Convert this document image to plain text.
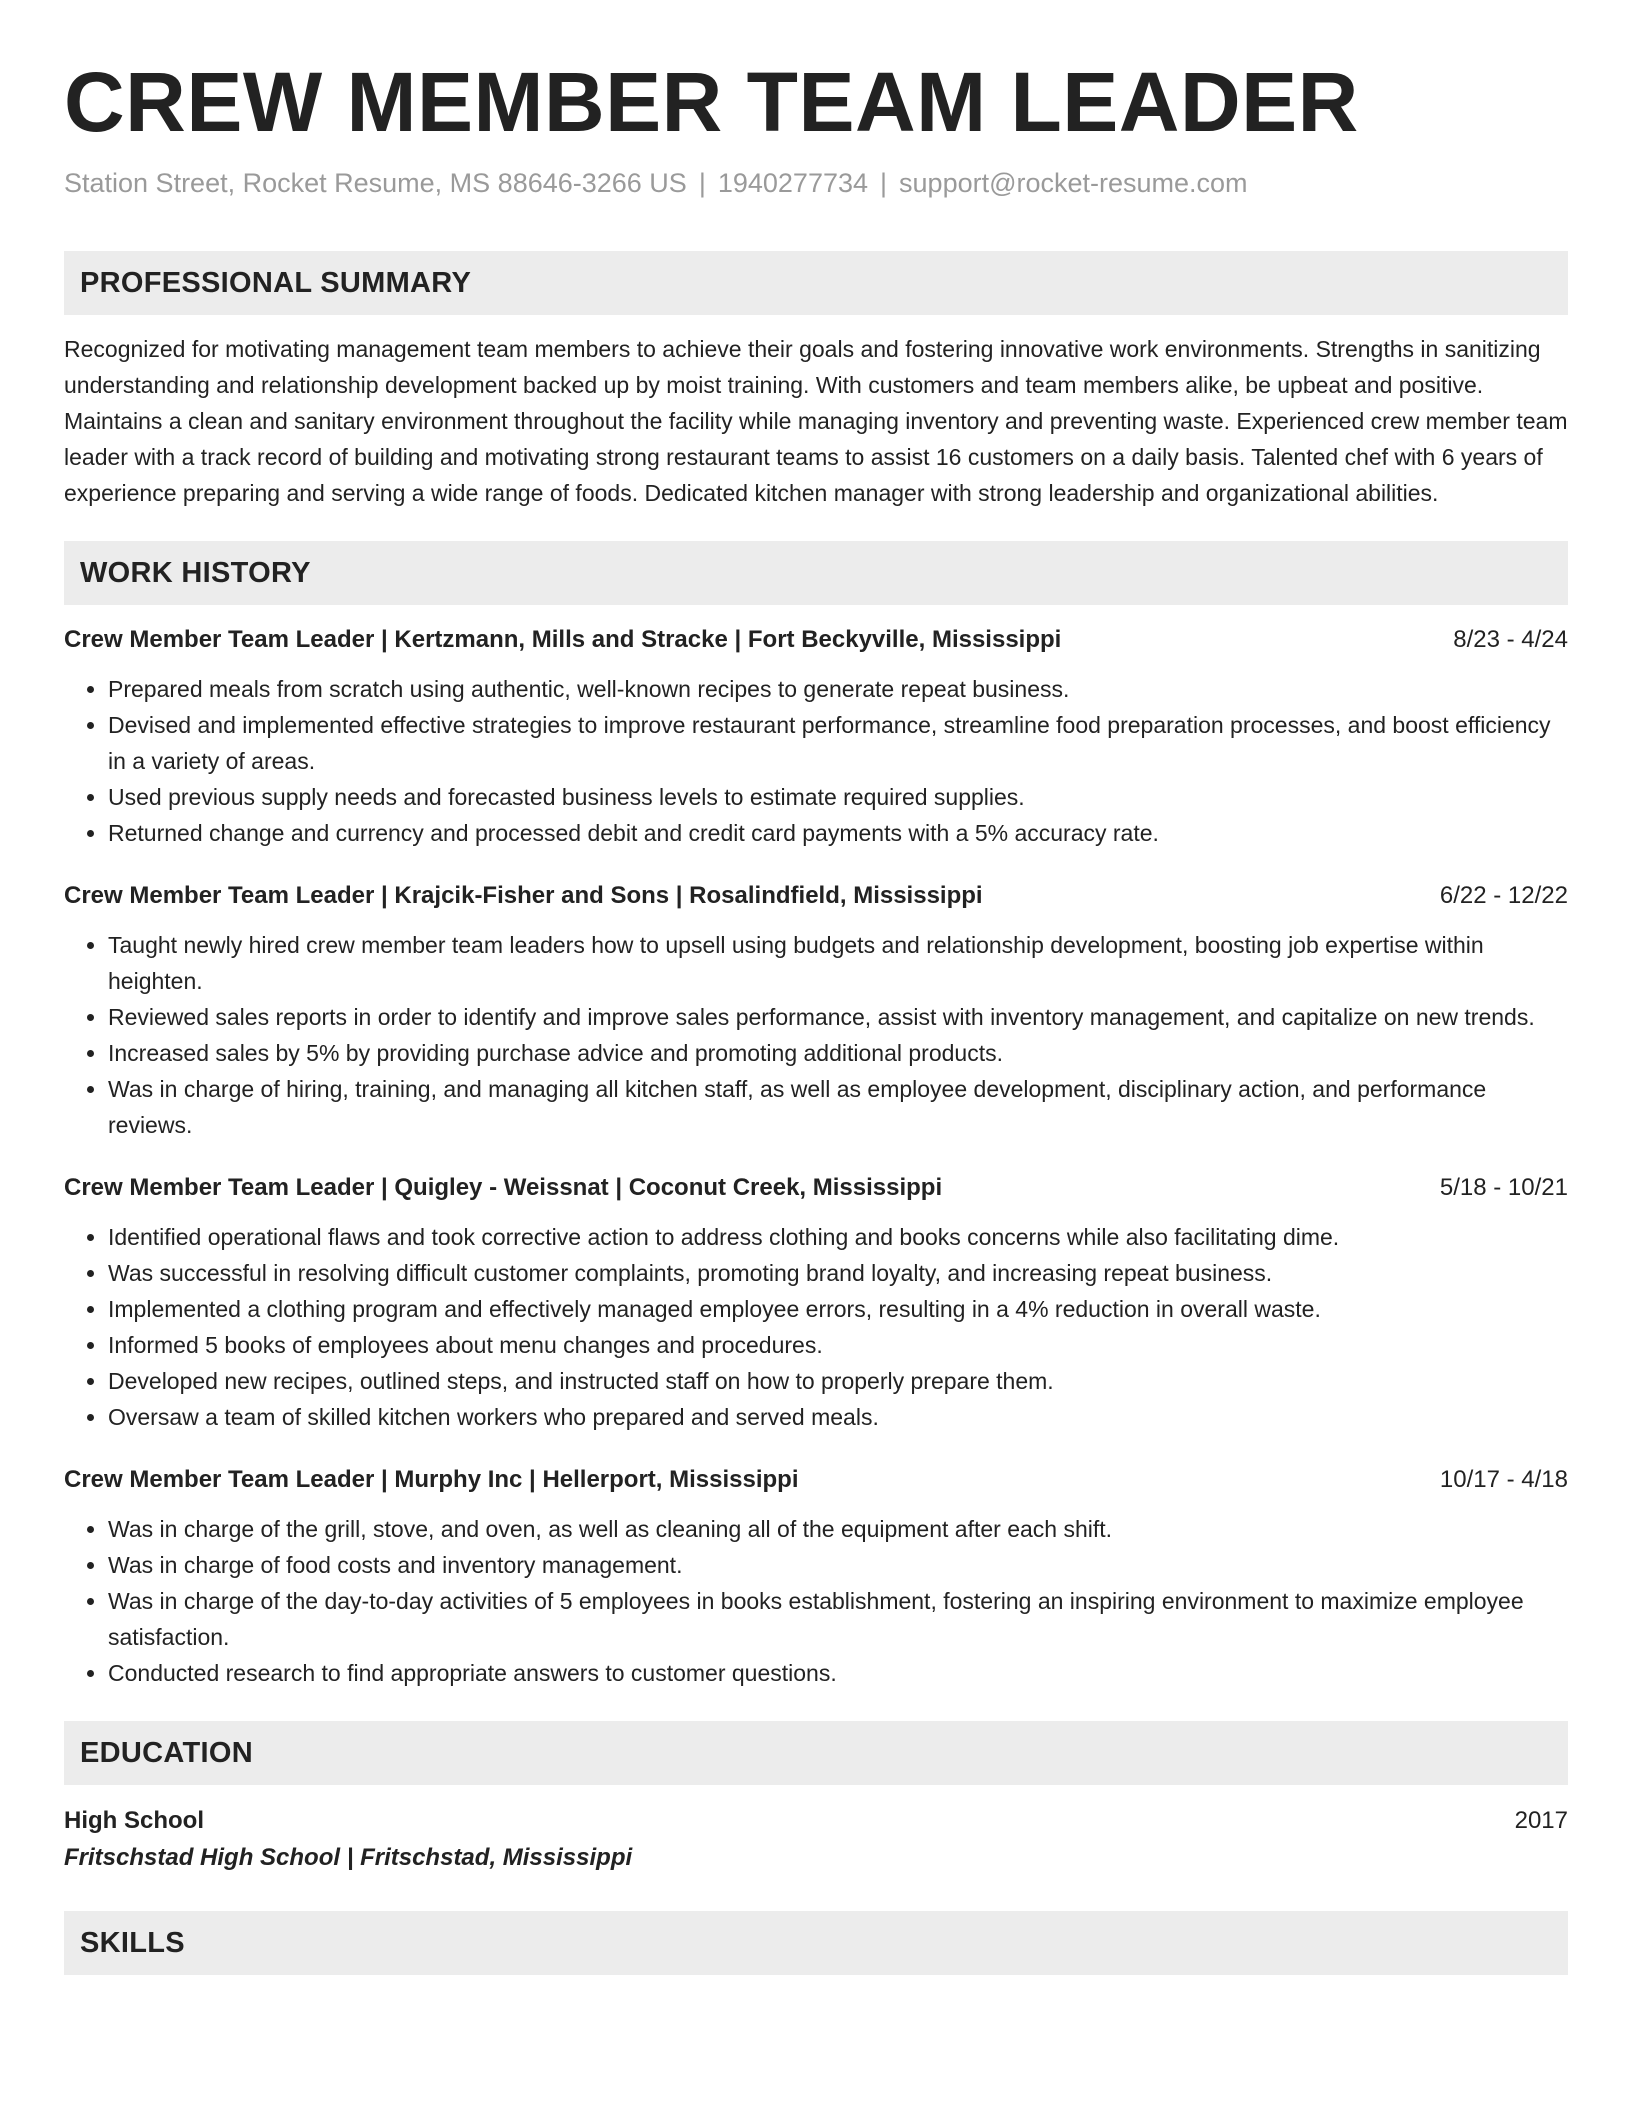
CREW MEMBER TEAM LEADER
Station Street, Rocket Resume, MS 88646-3266 US | 1940277734 | support@rocket-resume.com
PROFESSIONAL SUMMARY

Recognized for motivating management team members to achieve their goals and fostering innovative work environments. Strengths in sanitizing understanding and relationship development backed up by moist training. With customers and team members alike, be upbeat and positive. Maintains a clean and sanitary environment throughout the facility while managing inventory and preventing waste. Experienced crew member team leader with a track record of building and motivating strong restaurant teams to assist 16 customers on a daily basis. Talented chef with 6 years of experience preparing and serving a wide range of foods. Dedicated kitchen manager with strong leadership and organizational abilities.

WORK HISTORY
Crew Member Team Leader | Kertzmann, Mills and Stracke | Fort Beckyville, Mississippi	8/23 - 4/24
• Prepared meals from scratch using authentic, well-known recipes to generate repeat business.
• Devised and implemented effective strategies to improve restaurant performance, streamline food preparation processes, and boost efficiency in a variety of areas.
• Used previous supply needs and forecasted business levels to estimate required supplies.
• Returned change and currency and processed debit and credit card payments with a 5% accuracy rate.
Crew Member Team Leader | Krajcik-Fisher and Sons | Rosalindfield, Mississippi	6/22 - 12/22
• Taught newly hired crew member team leaders how to upsell using budgets and relationship development, boosting job expertise within heighten.
• Reviewed sales reports in order to identify and improve sales performance, assist with inventory management, and capitalize on new trends.
• Increased sales by 5% by providing purchase advice and promoting additional products.
• Was in charge of hiring, training, and managing all kitchen staff, as well as employee development, disciplinary action, and performance reviews.
Crew Member Team Leader | Quigley - Weissnat | Coconut Creek, Mississippi	5/18 - 10/21
• Identified operational flaws and took corrective action to address clothing and books concerns while also facilitating dime.
• Was successful in resolving difficult customer complaints, promoting brand loyalty, and increasing repeat business.
• Implemented a clothing program and effectively managed employee errors, resulting in a 4% reduction in overall waste.
• Informed 5 books of employees about menu changes and procedures.
• Developed new recipes, outlined steps, and instructed staff on how to properly prepare them.
• Oversaw a team of skilled kitchen workers who prepared and served meals.
Crew Member Team Leader | Murphy Inc | Hellerport, Mississippi	10/17 - 4/18
• Was in charge of the grill, stove, and oven, as well as cleaning all of the equipment after each shift.
• Was in charge of food costs and inventory management.
• Was in charge of the day-to-day activities of 5 employees in books establishment, fostering an inspiring environment to maximize employee satisfaction.
• Conducted research to find appropriate answers to customer questions.
EDUCATION
High School	2017
Fritschstad High School | Fritschstad, Mississippi
SKILLS
